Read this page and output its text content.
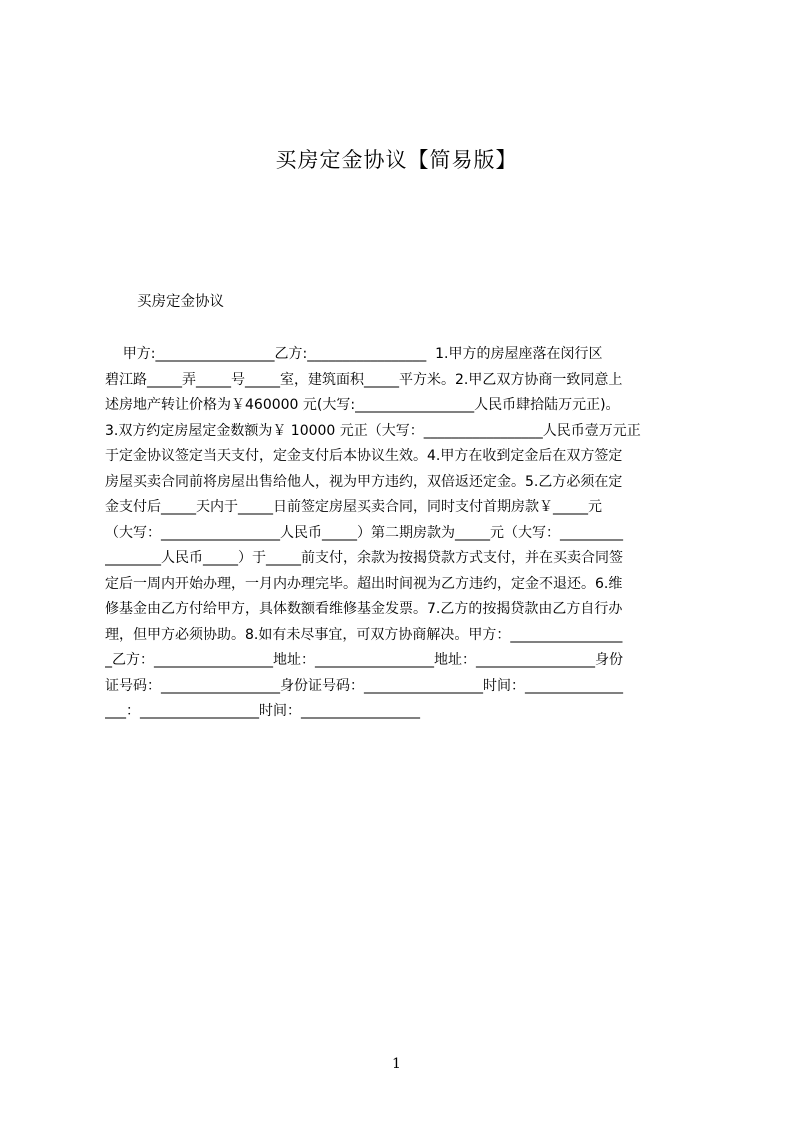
买房定金协议【简易版】
买房定金协议
甲方:_________________乙方:_________________  1.甲方的房屋座落在闵行区
碧江路_____弄_____号_____室，建筑面积_____平方米。2.甲乙双方协商一致同意上
述房地产转让价格为￥460000 元(大写:_________________人民币肆拾陆万元正)。
3.双方约定房屋定金数额为￥ 10000 元正（大写：_________________人民币壹万元正
于定金协议签定当天支付，定金支付后本协议生效。4.甲方在收到定金后在双方签定
房屋买卖合同前将房屋出售给他人，视为甲方违约，双倍返还定金。5.乙方必须在定
金支付后_____天内于_____日前签定房屋买卖合同，同时支付首期房款￥_____元
（大写：_________________人民币_____）第二期房款为_____元（大写：_________
________人民币_____）于_____前支付，余款为按揭贷款方式支付，并在买卖合同签
定后一周内开始办理，一月内办理完毕。超出时间视为乙方违约，定金不退还。6.维
修基金由乙方付给甲方，具体数额看维修基金发票。7.乙方的按揭贷款由乙方自行办
理，但甲方必须协助。8.如有未尽事宜，可双方协商解决。甲方：________________
_乙方：_________________地址：_________________地址：_________________身份
证号码：_________________身份证号码：_________________时间：______________
___：_________________时间：_________________
1
